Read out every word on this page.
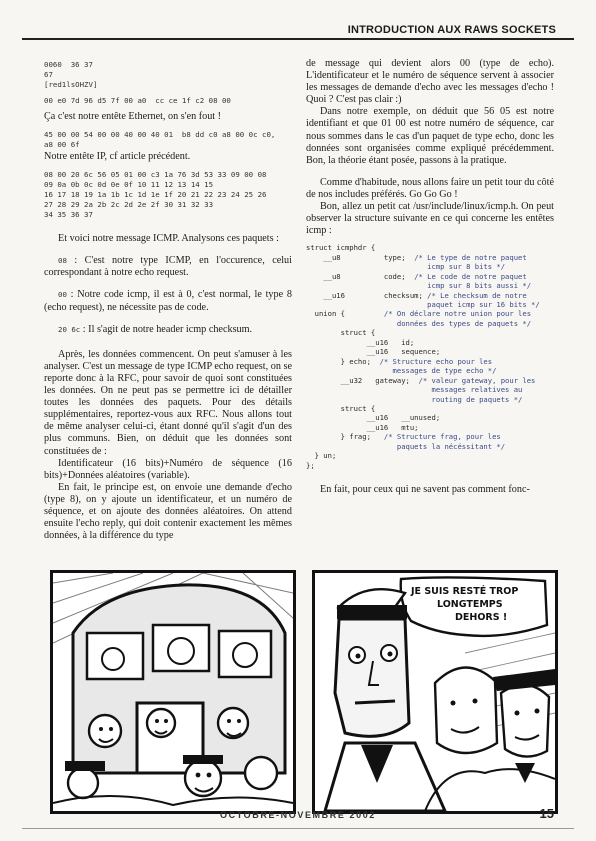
INTRODUCTION AUX RAWS SOCKETS
0060  36 37
67
[red1lsOHZV]
00 e0 7d 96 d5 7f 00 a0  cc ce 1f c2 08 00

Ça c'est notre entête Ethernet, on s'en fout !

45 00 00 54 00 00 40 00 40 01  b8 dd c0 a8 00 0c c0,
a8 00 6f

Notre entête IP, cf article précédent.

08 00 20 6c 56 05 01 00 c3 1a 76 3d 53 33 09 00 08
09 0a 0b 0c 0d 0e 0f 10 11 12 13 14 15
16 17 18 19 1a 1b 1c 1d 1e 1f 20 21 22 23 24 25 26
27 28 29 2a 2b 2c 2d 2e 2f 30 31 32 33
34 35 36 37

Et voici notre message ICMP. Analysons ces paquets :

08 : C'est notre type ICMP, en l'occurence, celui correspondant à notre echo request.

00 : Notre code icmp, il est à 0, c'est normal, le type 8 (echo request), ne nécessite pas de code.

20 6c : Il s'agit de notre header icmp checksum.

Après, les données commencent. On peut s'amuser à les analyser. C'est un message de type ICMP echo request, on se reporte donc à la RFC, pour savoir de quoi sont constituées les données. On ne peut pas se permettre ici de détailler toutes les données des paquets. Pour des détails supplémentaires, reportez-vous aux RFC. Nous allons tout de même analyser celui-ci, étant donné qu'il s'agit d'un des plus communs. Bien, on déduit que les données sont constituées de :

Identificateur (16 bits)+Numéro de séquence (16 bits)+Données aléatoires (variable).

En fait, le principe est, on envoie une demande d'echo (type 8), on y ajoute un identificateur, et un numéro de séquence, et on ajoute des données aléatoires. On attend ensuite l'echo reply, qui doit contenir exactement les mêmes données, à la différence du type

de message qui devient alors 00 (type de echo). L'identificateur et le numéro de séquence servent à associer les messages de demande d'echo avec les messages d'echo ! Quoi ? C'est pas clair :)

Dans notre exemple, on déduit que 56 05 est notre identifiant et que 01 00 est notre numéro de séquence, car nous sommes dans le cas d'un paquet de type echo, donc les données sont organisées comme expliqué précédemment. Bon, la théorie étant posée, passons à la pratique.

Comme d'habitude, nous allons faire un petit tour du côté de nos includes préférés. Go Go Go !

Bon, allez un petit cat /usr/include/linux/icmp.h. On peut observer la structure suivante en ce qui concerne les entêtes icmp :

struct icmphdr {
__u8          type;  /* Le type de notre paquet
icmp sur 8 bits */
__u8          code;  /* Le code de notre paquet
icmp sur 8 bits aussi */
__u16         checksum; /* Le checksum de notre
paquet icmp sur 16 bits */
union {         /* On déclare notre union pour les
données des types de paquets */
struct {
__u16   id;
__u16   sequence;
} echo;  /* Structure echo pour les
messages de type echo */
__u32   gateway;  /* valeur gateway, pour les
messages relatives au
routing de paquets */
struct {
__u16   __unused;
__u16   mtu;
} frag;   /* Structure frag, pour les
paquets la nécéssitant */
} un;
};

En fait, pour ceux qui ne savent pas comment fonc-

JE SUIS RESTÉ TROP
LONGTEMPS
DEHORS !
OCTOBRE-NOVEMBRE 2002	15
